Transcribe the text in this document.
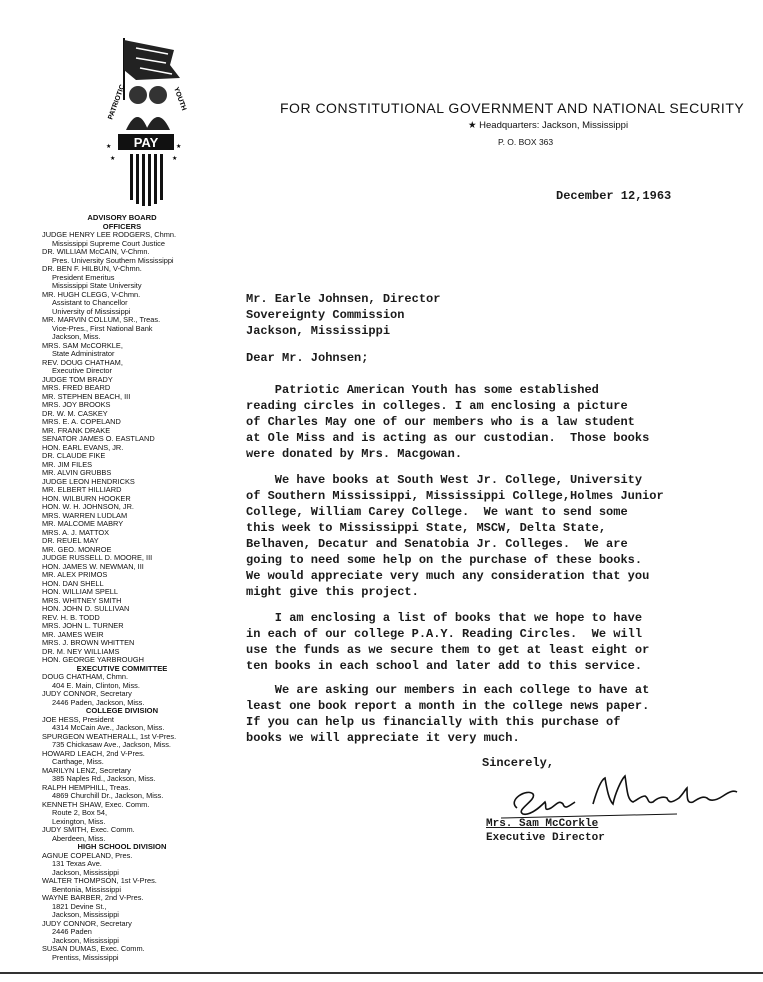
PATRIOTIC	YOUTH
★
★
★
★
PAY
FOR CONSTITUTIONAL GOVERNMENT AND NATIONAL SECURITY
★ Headquarters: Jackson, Mississippi
P. O. BOX 363
ADVISORY BOARD
OFFICERS
JUDGE HENRY LEE RODGERS, Chmn.
Mississippi Supreme Court Justice
DR. WILLIAM McCAIN, V-Chmn.
Pres. University Southern Mississippi
DR. BEN F. HILBUN, V-Chmn.
President Emeritus
Mississippi State University
MR. HUGH CLEGG, V-Chmn.
Assistant to Chancellor
University of Mississippi
MR. MARVIN COLLUM, SR., Treas.
Vice-Pres., First National Bank
Jackson, Miss.
MRS. SAM McCORKLE,
State Administrator
REV. DOUG CHATHAM,
Executive Director
JUDGE TOM BRADY
MRS. FRED BEARD
MR. STEPHEN BEACH, III
MRS. JOY BROOKS
DR. W. M. CASKEY
MRS. E. A. COPELAND
MR. FRANK DRAKE
SENATOR JAMES O. EASTLAND
HON. EARL EVANS, JR.
DR. CLAUDE FIKE
MR. JIM FILES
MR. ALVIN GRUBBS
JUDGE LEON HENDRICKS
MR. ELBERT HILLIARD
HON. WILBURN HOOKER
HON. W. H. JOHNSON, JR.
MRS. WARREN LUDLAM
MR. MALCOME MABRY
MRS. A. J. MATTOX
DR. REUEL MAY
MR. GEO. MONROE
JUDGE RUSSELL D. MOORE, III
HON. JAMES W. NEWMAN, III
MR. ALEX PRIMOS
HON. DAN SHELL
HON. WILLIAM SPELL
MRS. WHITNEY SMITH
HON. JOHN D. SULLIVAN
REV. H. B. TODD
MRS. JOHN L. TURNER
MR. JAMES WEIR
MRS. J. BROWN WHITTEN
DR. M. NEY WILLIAMS
HON. GEORGE YARBROUGH
EXECUTIVE COMMITTEE
DOUG CHATHAM, Chmn.
404 E. Main, Clinton, Miss.
JUDY CONNOR, Secretary
2446 Paden, Jackson, Miss.
COLLEGE DIVISION
JOE HESS, President
4314 McCain Ave., Jackson, Miss.
SPURGEON WEATHERALL, 1st V-Pres.
735 Chickasaw Ave., Jackson, Miss.
HOWARD LEACH, 2nd V-Pres.
Carthage, Miss.
MARILYN LENZ, Secretary
385 Naples Rd., Jackson, Miss.
RALPH HEMPHILL, Treas.
4869 Churchill Dr., Jackson, Miss.
KENNETH SHAW, Exec. Comm.
Route 2, Box 54,
Lexington, Miss.
JUDY SMITH, Exec. Comm.
Aberdeen, Miss.
HIGH SCHOOL DIVISION
AGNUE COPELAND, Pres.
131 Texas Ave.
Jackson, Mississippi
WALTER THOMPSON, 1st V-Pres.
Bentonia, Mississippi
WAYNE BARBER, 2nd V-Pres.
1821 Devine St.,
Jackson, Mississippi
JUDY CONNOR, Secretary
2446 Paden
Jackson, Mississippi
SUSAN DUMAS, Exec. Comm.
Prentiss, Mississippi
December 12,1963
Mr. Earle Johnsen, Director
Sovereignty Commission
Jackson, Mississippi
Dear Mr. Johnsen;
Patriotic American Youth has some established
reading circles in colleges. I am enclosing a picture
of Charles May one of our members who is a law student
at Ole Miss and is acting as our custodian.  Those books
were donated by Mrs. Macgowan.
We have books at South West Jr. College, University
of Southern Mississippi, Mississippi College,Holmes Junior
College, William Carey College.  We want to send some
this week to Mississippi State, MSCW, Delta State,
Belhaven, Decatur and Senatobia Jr. Colleges.  We are
going to need some help on the purchase of these books.
We would appreciate very much any consideration that you
might give this project.
I am enclosing a list of books that we hope to have
in each of our college P.A.Y. Reading Circles.  We will
use the funds as we secure them to get at least eight or
ten books in each school and later add to this service.
We are asking our members in each college to have at
least one book report a month in the college news paper.
If you can help us financially with this purchase of
books we will appreciate it very much.
Sincerely,
Mrs. Sam McCorkle
Executive Director
